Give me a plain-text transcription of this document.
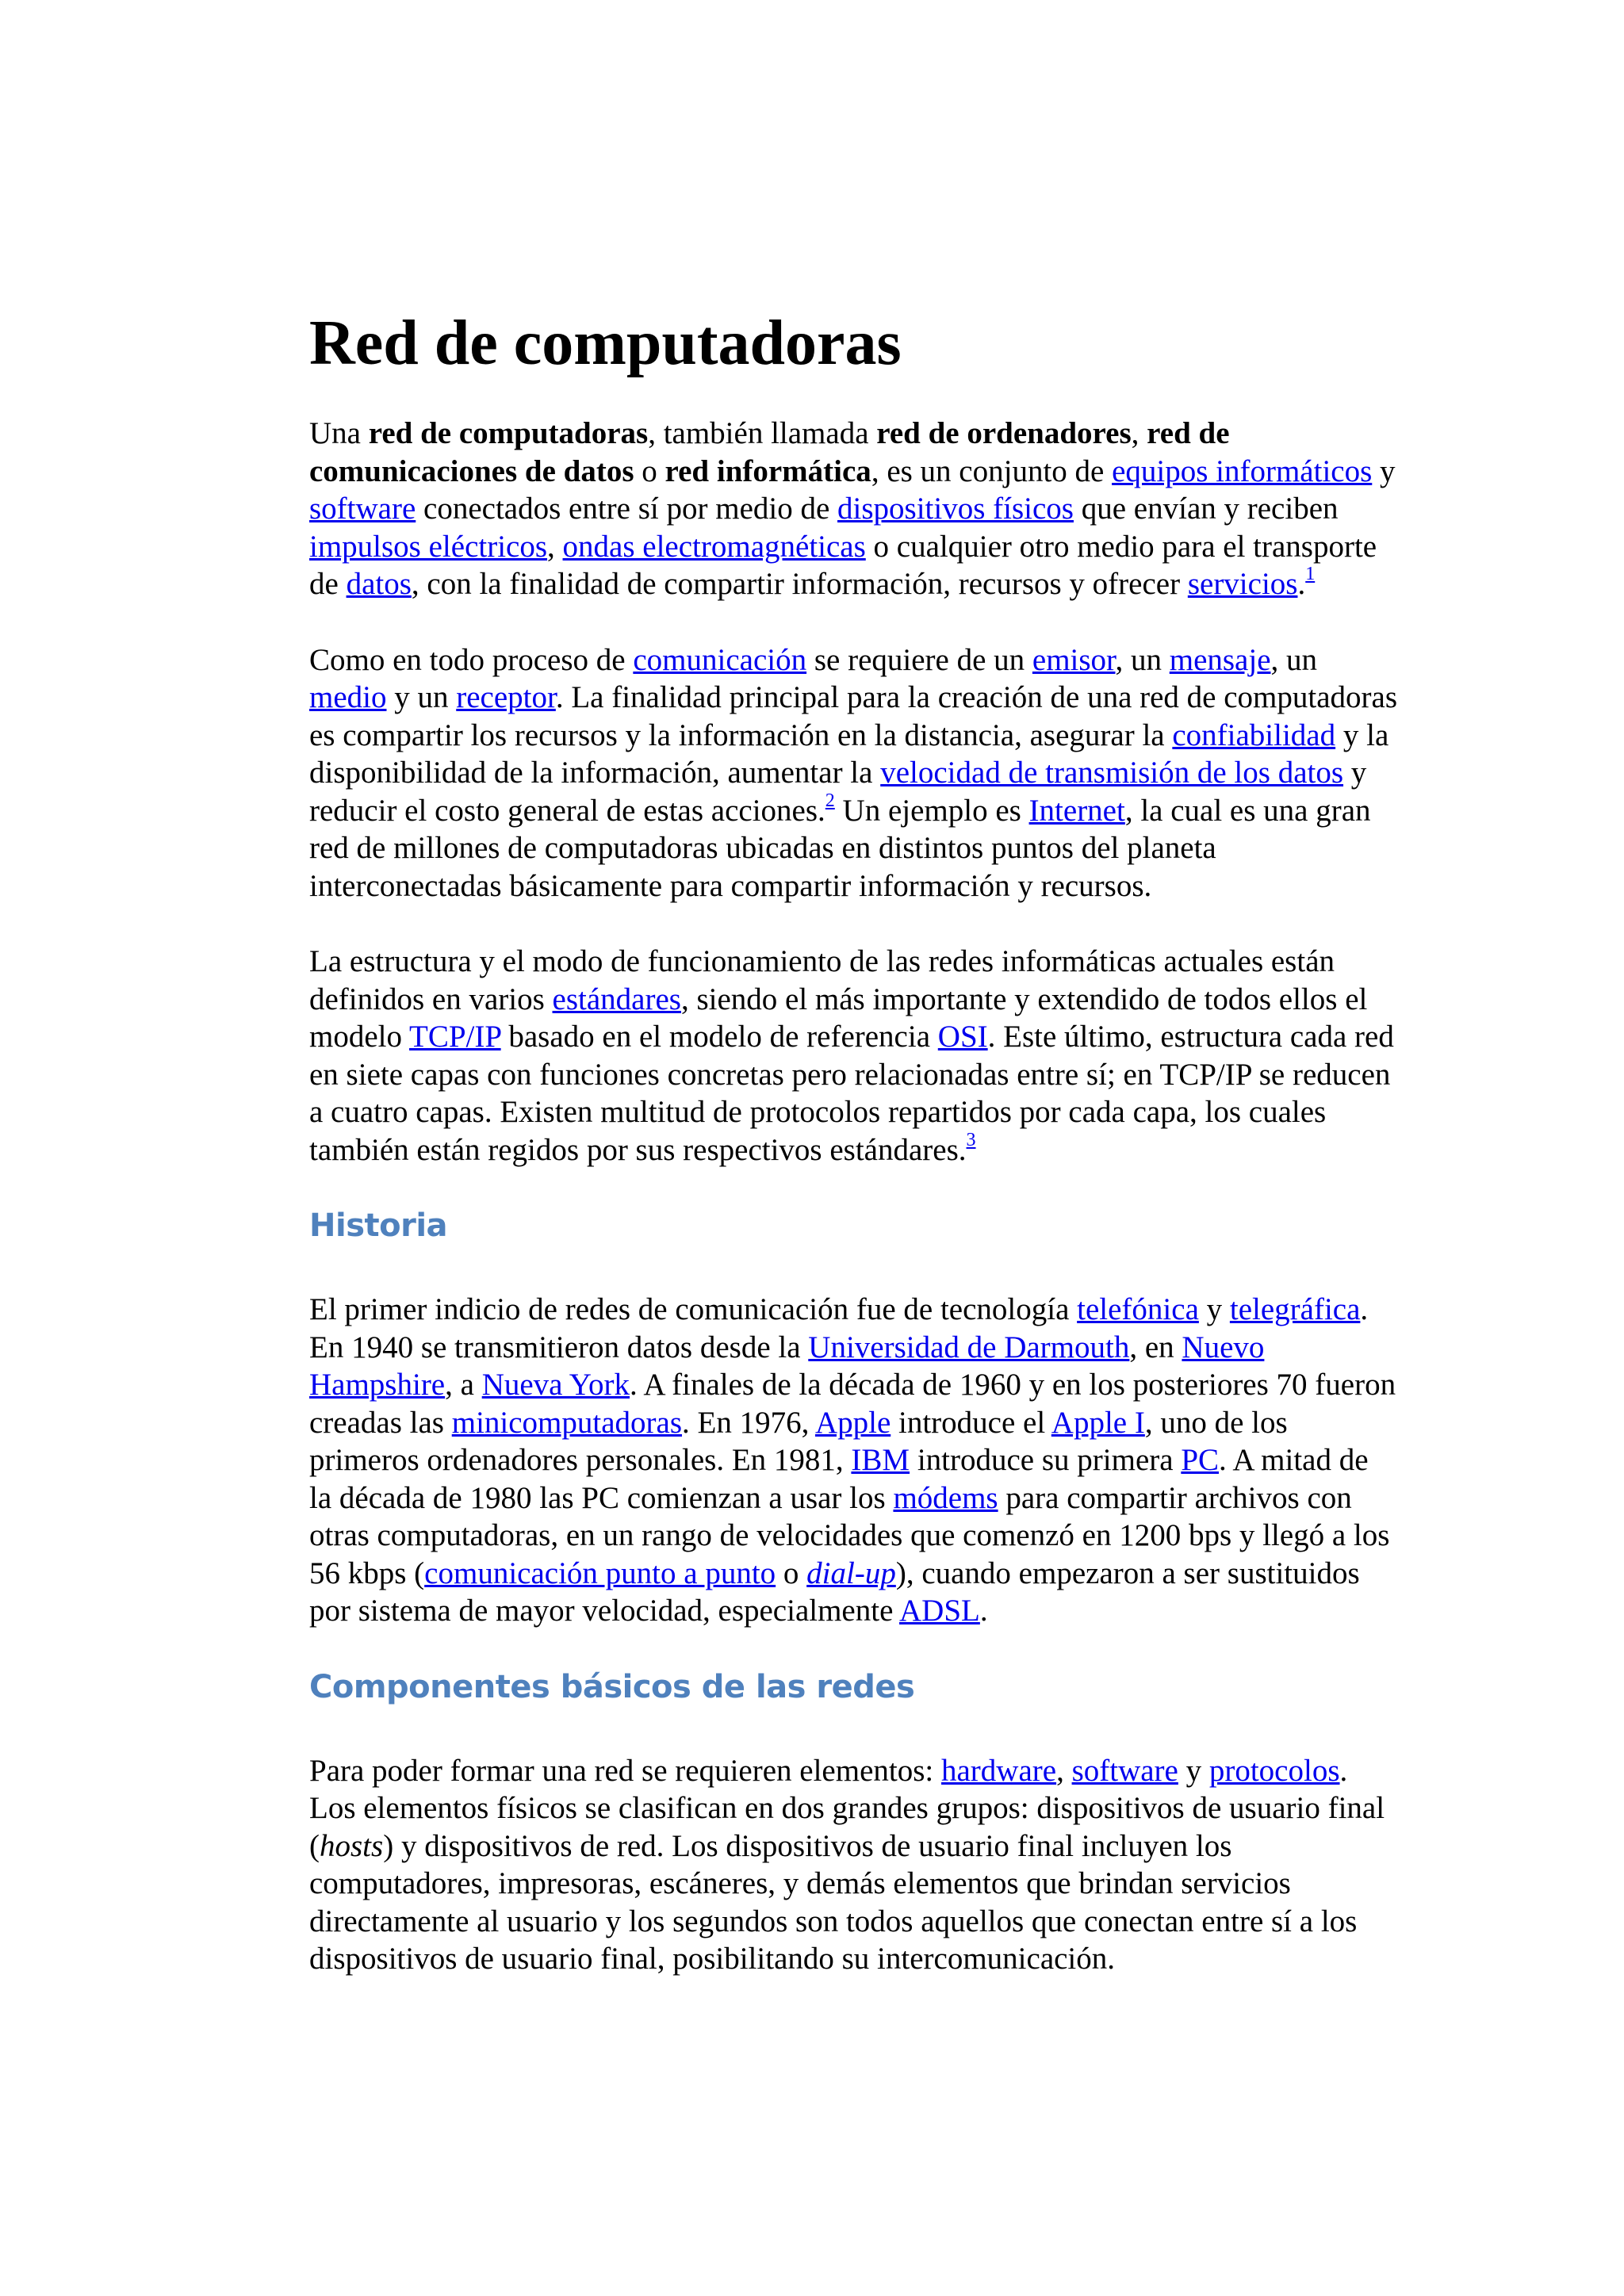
Red de computadoras

Una red de computadoras, también llamada red de ordenadores, red de comunicaciones de datos o red informática, es un conjunto de equipos informáticos y software conectados entre sí por medio de dispositivos físicos que envían y reciben impulsos eléctricos, ondas electromagnéticas o cualquier otro medio para el transporte de datos, con la finalidad de compartir información, recursos y ofrecer servicios.$^1$

Como en todo proceso de comunicación se requiere de un emisor, un mensaje, un medio y un receptor. La finalidad principal para la creación de una red de computadoras es compartir los recursos y la información en la distancia, asegurar la confiabilidad y la disponibilidad de la información, aumentar la velocidad de transmisión de los datos y reducir el costo general de estas acciones.$^2$ Un ejemplo es Internet, la cual es una gran red de millones de computadoras ubicadas en distintos puntos del planeta interconectadas básicamente para compartir información y recursos.

La estructura y el modo de funcionamiento de las redes informáticas actuales están definidos en varios estándares, siendo el más importante y extendido de todos ellos el modelo TCP/IP basado en el modelo de referencia OSI. Este último, estructura cada red en siete capas con funciones concretas pero relacionadas entre sí; en TCP/IP se reducen a cuatro capas. Existen multitud de protocolos repartidos por cada capa, los cuales también están regidos por sus respectivos estándares.$^3$

Historia

El primer indicio de redes de comunicación fue de tecnología telefónica y telegráfica. En 1940 se transmitieron datos desde la Universidad de Darmouth, en Nuevo Hampshire, a Nueva York. A finales de la década de 1960 y en los posteriores 70 fueron creadas las minicomputadoras. En 1976, Apple introduce el Apple I, uno de los primeros ordenadores personales. En 1981, IBM introduce su primera PC. A mitad de la década de 1980 las PC comienzan a usar los módems para compartir archivos con otras computadoras, en un rango de velocidades que comenzó en 1200 bps y llegó a los 56 kbps (comunicación punto a punto o dial-up), cuando empezaron a ser sustituidos por sistema de mayor velocidad, especialmente ADSL.

Componentes básicos de las redes

Para poder formar una red se requieren elementos: hardware, software y protocolos. Los elementos físicos se clasifican en dos grandes grupos: dispositivos de usuario final (hosts) y dispositivos de red. Los dispositivos de usuario final incluyen los computadores, impresoras, escáneres, y demás elementos que brindan servicios directamente al usuario y los segundos son todos aquellos que conectan entre sí a los dispositivos de usuario final, posibilitando su intercomunicación.
